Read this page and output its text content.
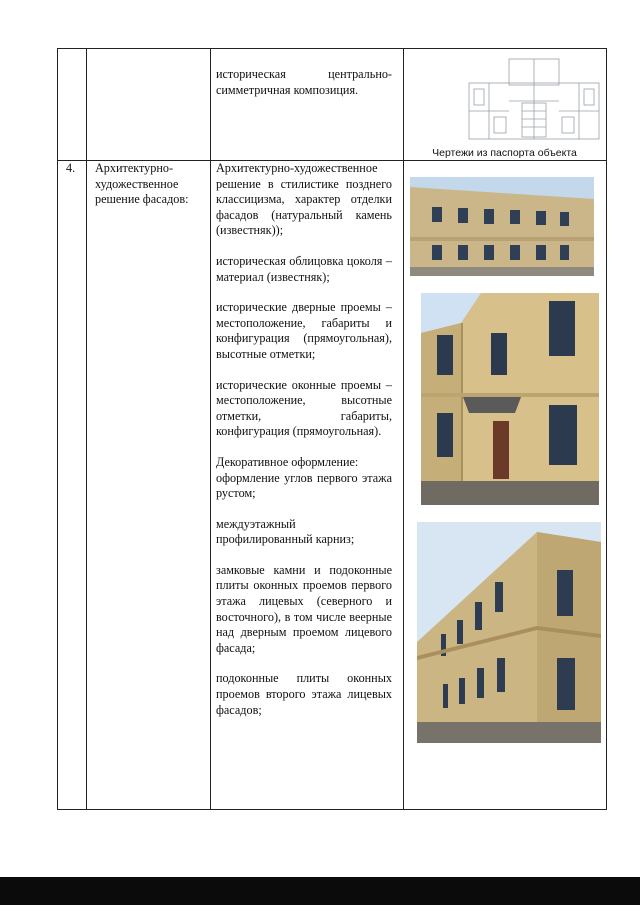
историческая центрально-симметричная композиция.
4. Архитектурно-художественное решение фасадов:

Архитектурно-художественное решение в стилистике позднего классицизма, характер отделки фасадов (натуральный камень (известняк));

историческая облицовка цоколя – материал (известняк);

исторические дверные проемы – местоположение, габариты и конфигурация (прямоугольная), высотные отметки;

исторические оконные проемы – местоположение, высотные отметки, габариты, конфигурация (прямоугольная).

Декоративное оформление:

оформление углов первого этажа рустом;

междуэтажный профилированный карниз;

замковые камни и подоконные плиты оконных проемов первого этажа лицевых (северного и восточного), в том числе веерные над дверным проемом лицевого фасада;

подоконные плиты оконных проемов второго этажа лицевых фасадов;

Чертежи из паспорта объекта
